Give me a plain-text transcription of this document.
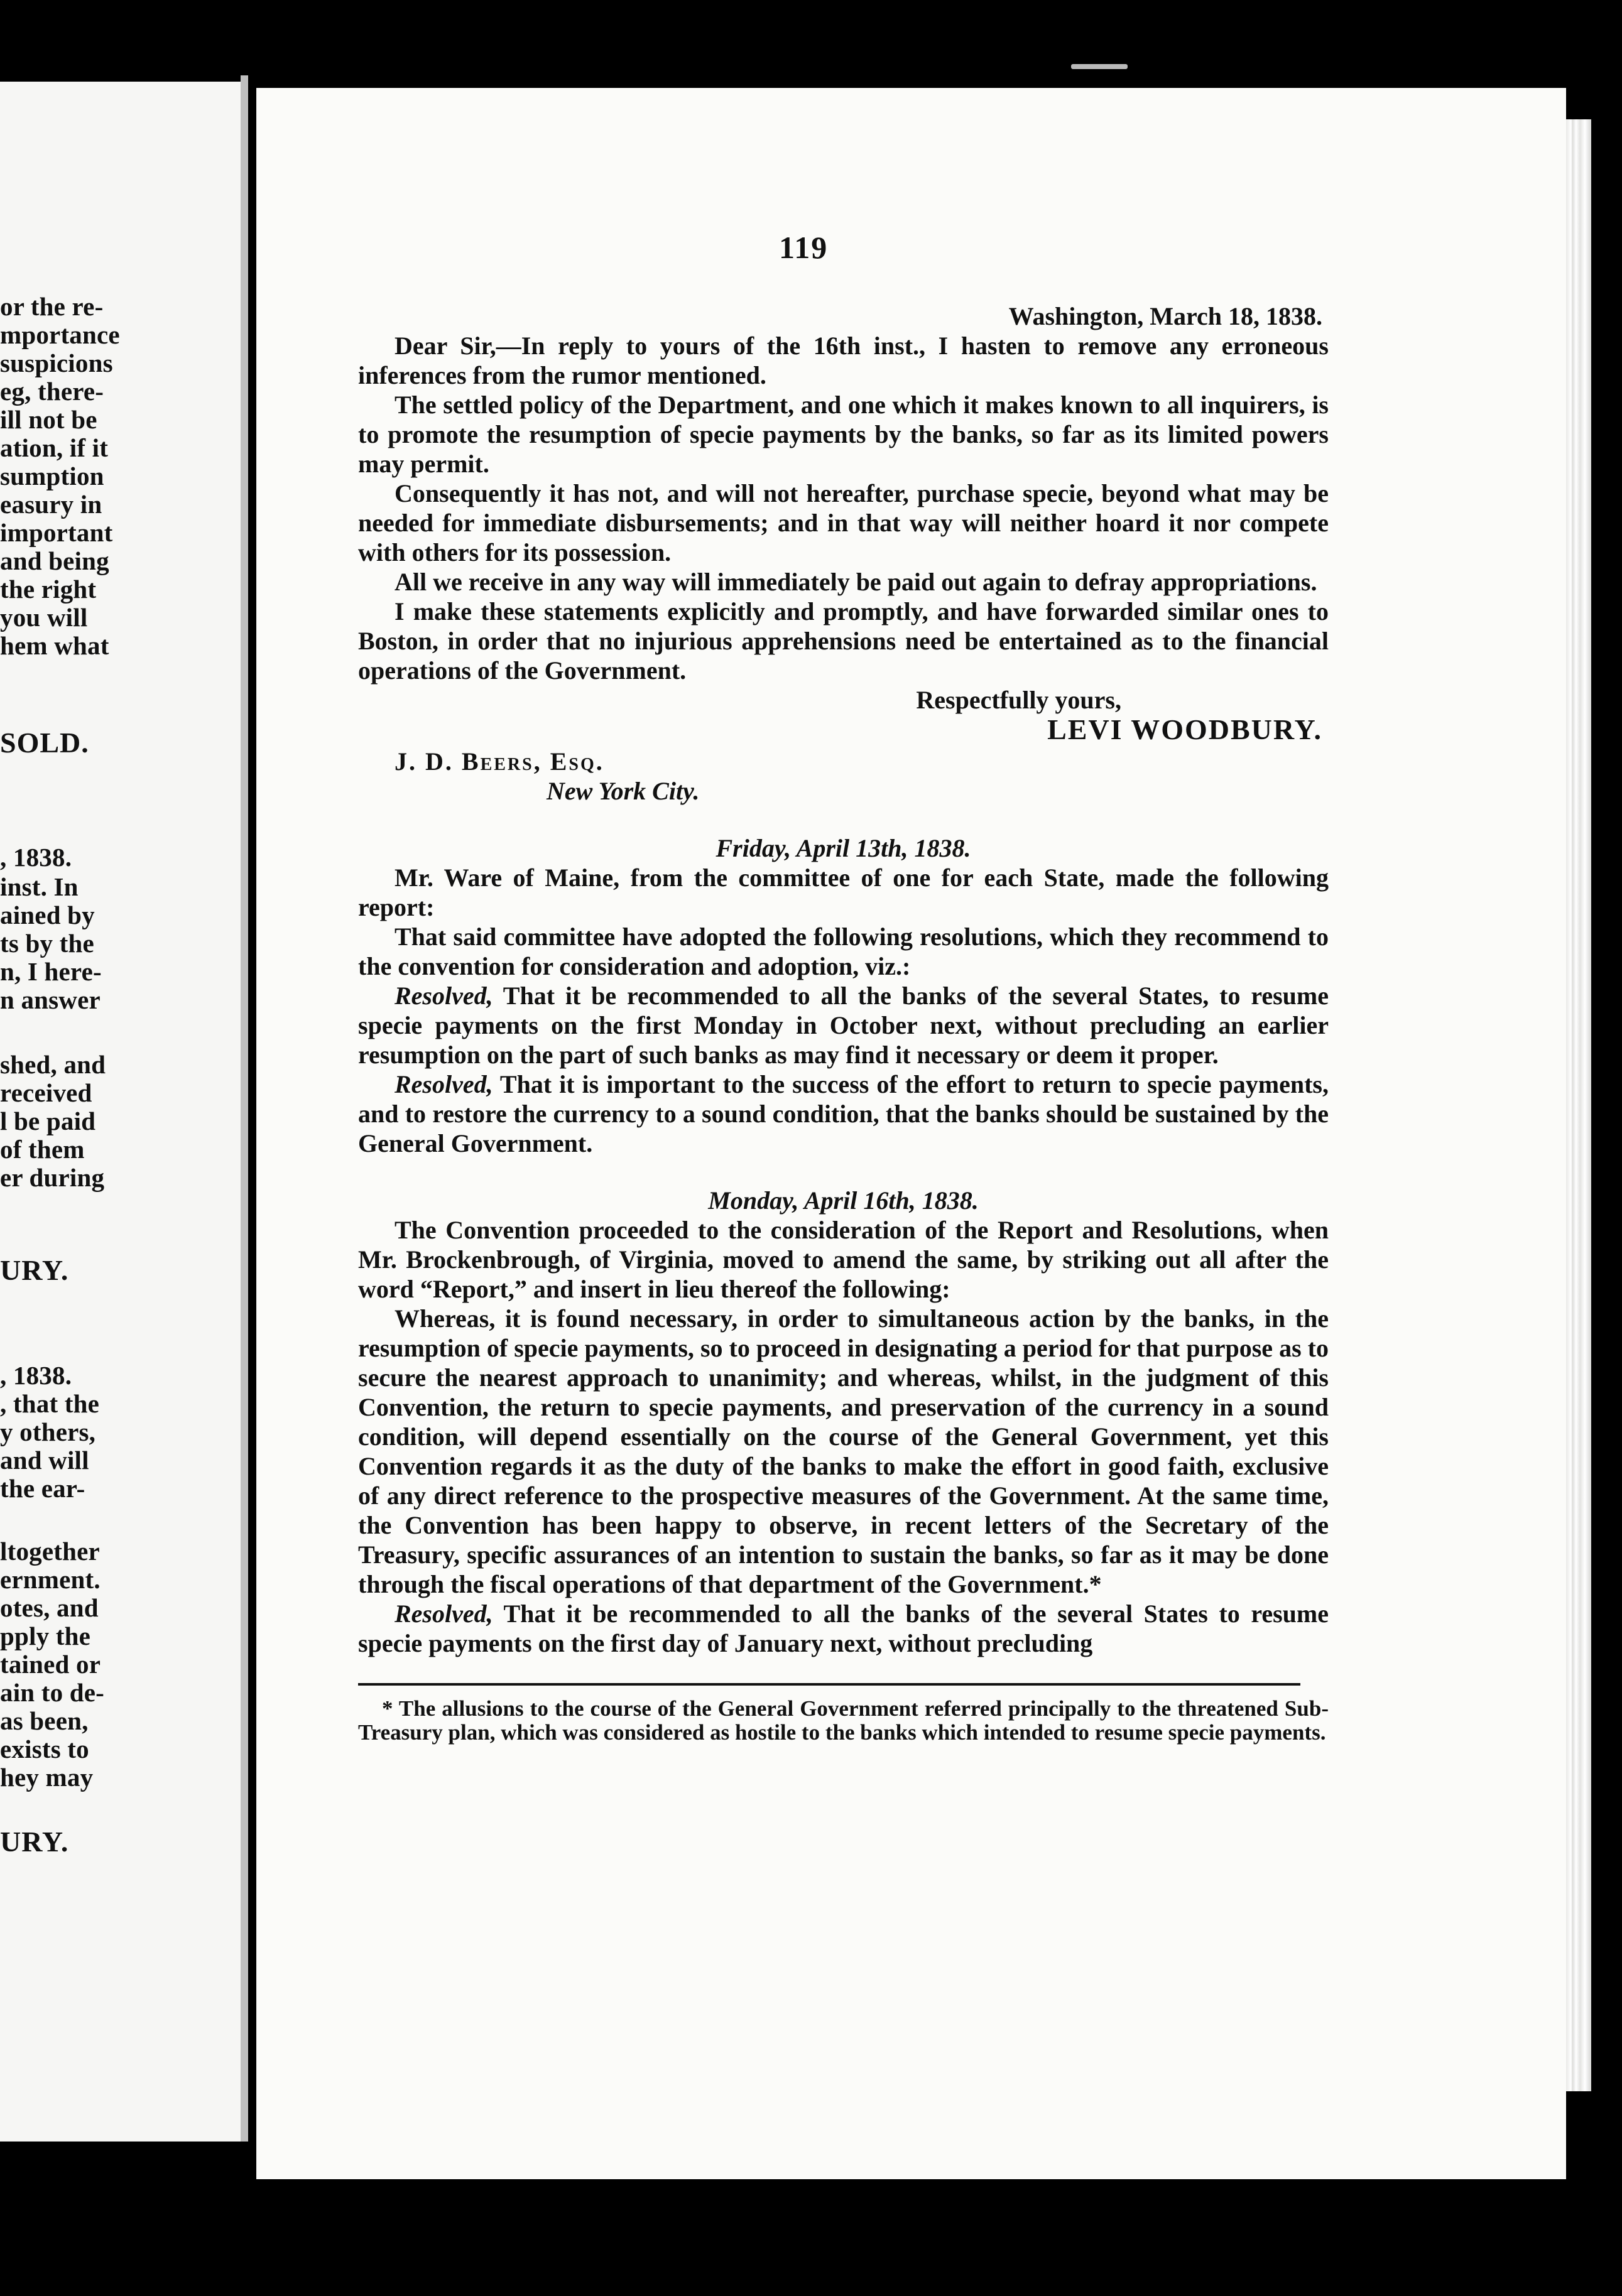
or the re-
mportance
suspicions
eg, there-
ill not be
ation, if it
sumption
easury in
important
and being
the right
you will
hem what
SOLD.
, 1838.
inst. In
ained by
ts by the
n, I here-
n answer
shed, and
received
l be paid
of them
er during
URY.
, 1838.
, that the
y others,
and will
the ear-
ltogether
ernment.
otes, and
pply the
tained or
ain to de-
as been,
exists to
hey may
URY.
119

Washington, March 18, 1838.

Dear Sir,—In reply to yours of the 16th inst., I hasten to remove any erroneous inferences from the rumor mentioned.

The settled policy of the Department, and one which it makes known to all inquirers, is to promote the resumption of specie payments by the banks, so far as its limited powers may permit.

Consequently it has not, and will not hereafter, purchase specie, beyond what may be needed for immediate disbursements; and in that way will neither hoard it nor compete with others for its possession.

All we receive in any way will immediately be paid out again to defray appropriations.

I make these statements explicitly and promptly, and have forwarded similar ones to Boston, in order that no injurious apprehensions need be entertained as to the financial operations of the Government.

Respectfully yours,

LEVI WOODBURY.

J. D. Beers, Esq.

New York City.

Friday, April 13th, 1838.

Mr. Ware of Maine, from the committee of one for each State, made the following report:

That said committee have adopted the following resolutions, which they recommend to the convention for consideration and adoption, viz.:

Resolved, That it be recommended to all the banks of the several States, to resume specie payments on the first Monday in October next, without precluding an earlier resumption on the part of such banks as may find it necessary or deem it proper.

Resolved, That it is important to the success of the effort to return to specie payments, and to restore the currency to a sound condition, that the banks should be sustained by the General Government.

Monday, April 16th, 1838.

The Convention proceeded to the consideration of the Report and Resolutions, when Mr. Brockenbrough, of Virginia, moved to amend the same, by striking out all after the word “Report,” and insert in lieu thereof the following:

Whereas, it is found necessary, in order to simultaneous action by the banks, in the resumption of specie payments, so to proceed in designating a period for that purpose as to secure the nearest approach to unanimity; and whereas, whilst, in the judgment of this Convention, the return to specie payments, and preservation of the currency in a sound condition, will depend essentially on the course of the General Government, yet this Convention regards it as the duty of the banks to make the effort in good faith, exclusive of any direct reference to the prospective measures of the Government. At the same time, the Convention has been happy to observe, in recent letters of the Secretary of the Treasury, specific assurances of an intention to sustain the banks, so far as it may be done through the fiscal operations of that department of the Government.*

Resolved, That it be recommended to all the banks of the several States to resume specie payments on the first day of January next, without precluding

* The allusions to the course of the General Government referred principally to the threatened Sub-Treasury plan, which was considered as hostile to the banks which intended to resume specie payments.
